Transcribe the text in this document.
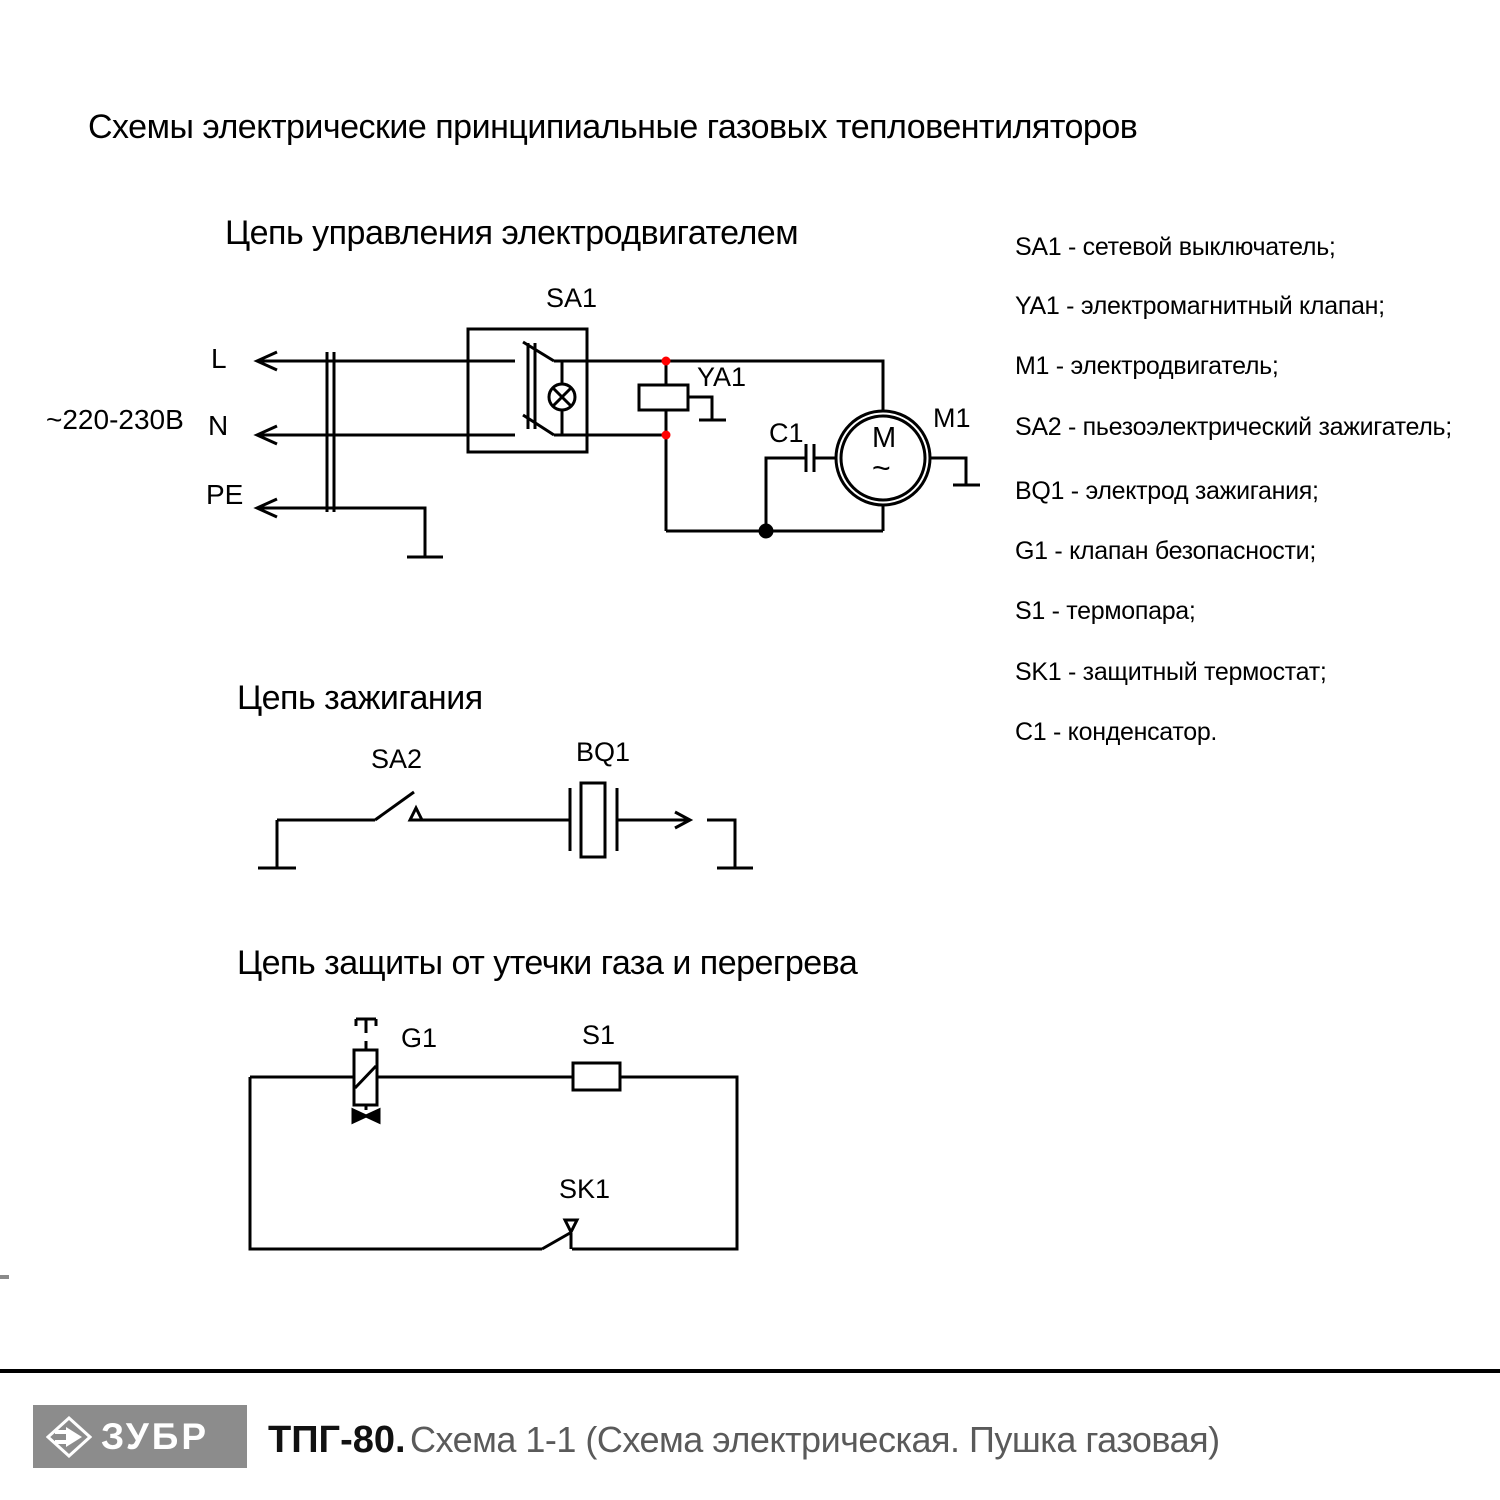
Схемы электрические принципиальные газовых тепловентиляторов
Цепь управления электродвигателем
~220-230В
L
N
PE
SA1
YA1
C1	M1
M
~
Цепь зажигания
SA2	BQ1
Цепь защиты от утечки газа и перегрева
G1	S1
SK1
SA1 - сетевой выключатель;
YA1 - электромагнитный клапан;
M1 - электродвигатель;
SA2 - пьезоэлектрический зажигатель;
BQ1 - электрод зажигания;
G1 - клапан безопасности;
S1 - термопара;
SK1 - защитный термостат;
C1 - конденсатор.
ЗУБР ТПГ-80. Схема 1-1 (Схема электрическая. Пушка газовая)
